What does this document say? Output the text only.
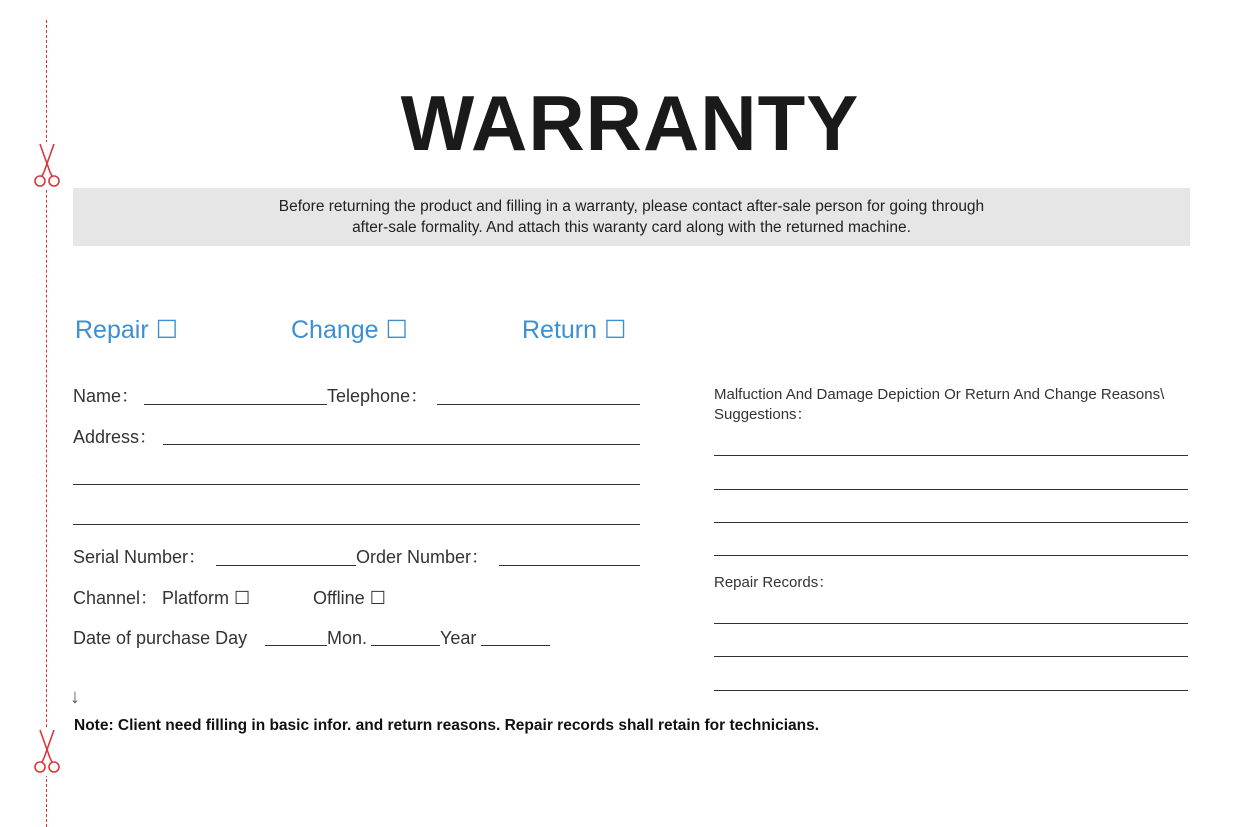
WARRANTY
Before returning the product and filling in a warranty, please contact after-sale person for going through
after-sale formality. And attach this waranty card along with the returned machine.
Repair ☐	Change ☐	Return ☐
Name：	Telephone：
Address：
Serial Number：	Order Number：
Channel： Platform ☐	Offline ☐
Date of purchase Day	Mon.	Year
Malfuction And Damage Depiction Or Return And Change Reasons\
Suggestions：
Repair Records：
↓
Note: Client need filling in basic infor. and return reasons. Repair records shall retain for technicians.
